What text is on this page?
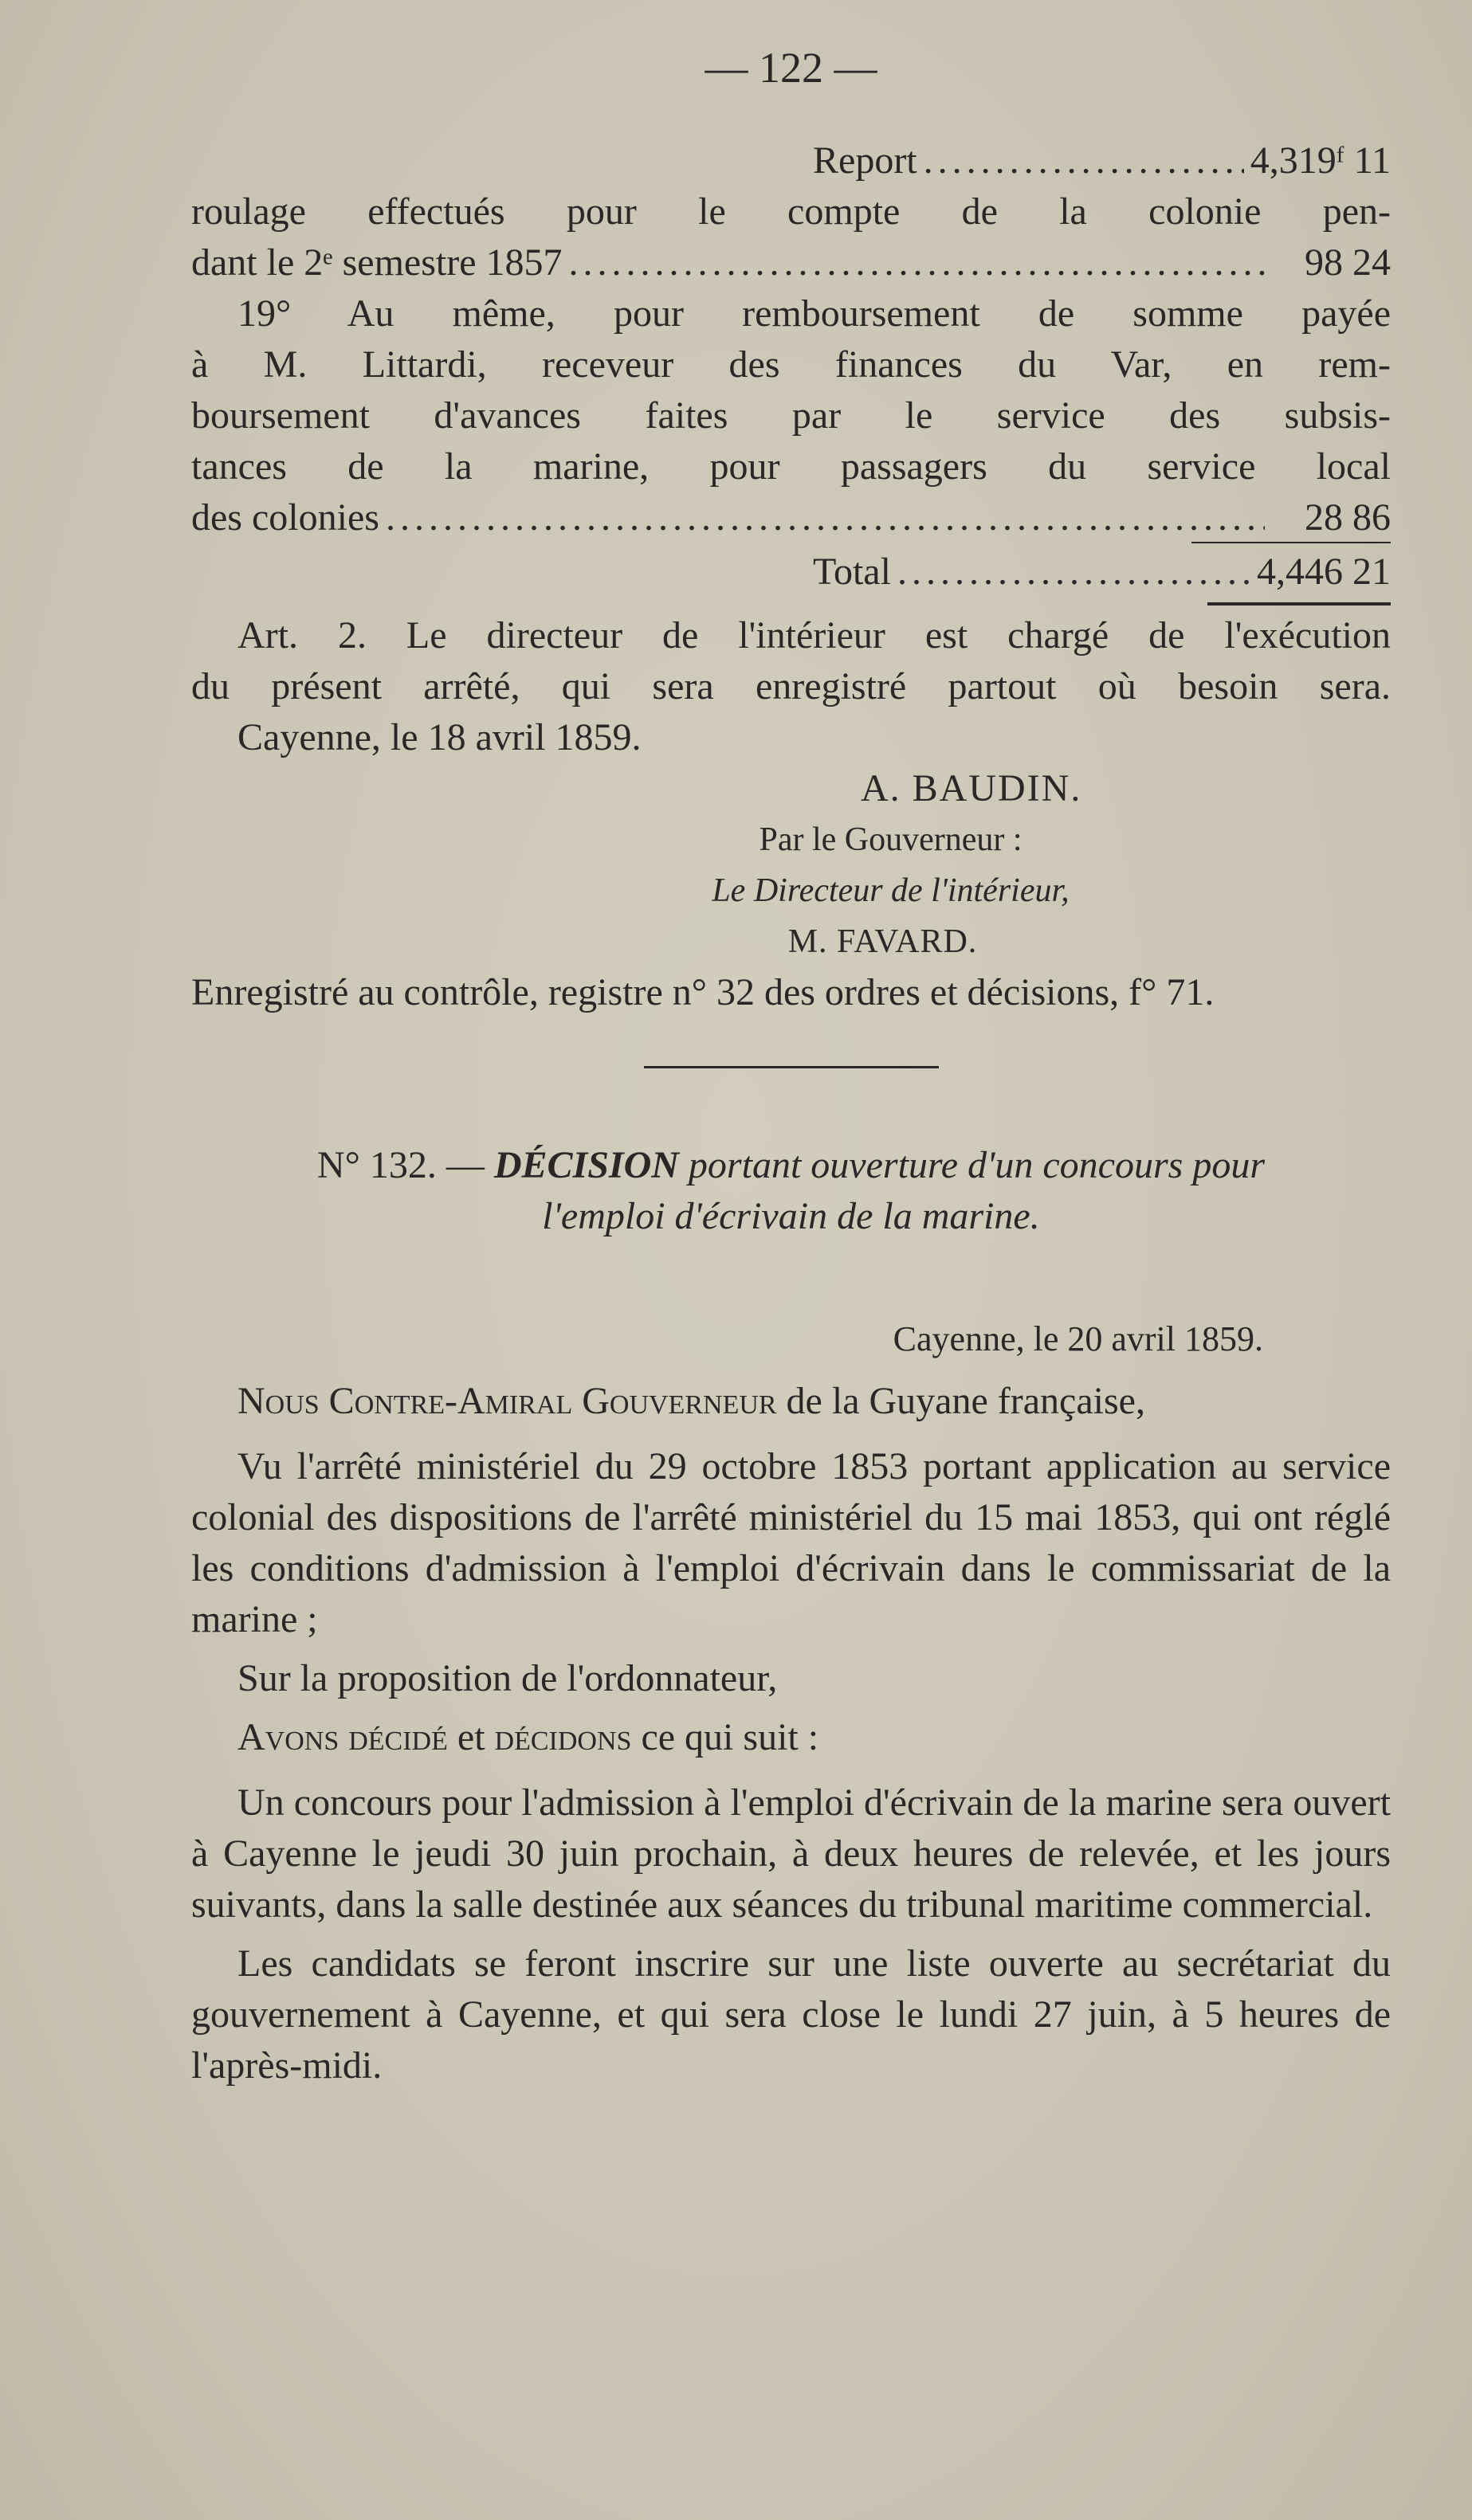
— 122 —
Report .....	4,319ᶠ 11
roulage effectués pour le compte de la colonie pen-
dant le 2ᵉ semestre 1857 .....	98 24
19° Au même, pour remboursement de somme payée
à M. Littardi, receveur des finances du Var, en rem-
boursement d'avances faites par le service des subsis-
tances de la marine, pour passagers du service local
des colonies .....	28 86
Total .....	4,446 21
Art. 2. Le directeur de l'intérieur est chargé de l'exécution
du présent arrêté, qui sera enregistré partout où besoin sera.
Cayenne, le 18 avril 1859.
A. BAUDIN.
Par le Gouverneur :
Le Directeur de l'intérieur,
M. FAVARD.
Enregistré au contrôle, registre n° 32 des ordres et décisions, f° 71.
N° 132. — DÉCISION portant ouverture d'un concours pour
l'emploi d'écrivain de la marine.
Cayenne, le 20 avril 1859.
Nous Contre-Amiral Gouverneur de la Guyane française,
Vu l'arrêté ministériel du 29 octobre 1853 portant application au service colonial des dispositions de l'arrêté ministériel du 15 mai 1853, qui ont réglé les conditions d'admission à l'emploi d'écrivain dans le commissariat de la marine ;
Sur la proposition de l'ordonnateur,
Avons décidé et décidons ce qui suit :
Un concours pour l'admission à l'emploi d'écrivain de la marine sera ouvert à Cayenne le jeudi 30 juin prochain, à deux heures de relevée, et les jours suivants, dans la salle destinée aux séances du tribunal maritime commercial.
Les candidats se feront inscrire sur une liste ouverte au secrétariat du gouvernement à Cayenne, et qui sera close le lundi 27 juin, à 5 heures de l'après-midi.
